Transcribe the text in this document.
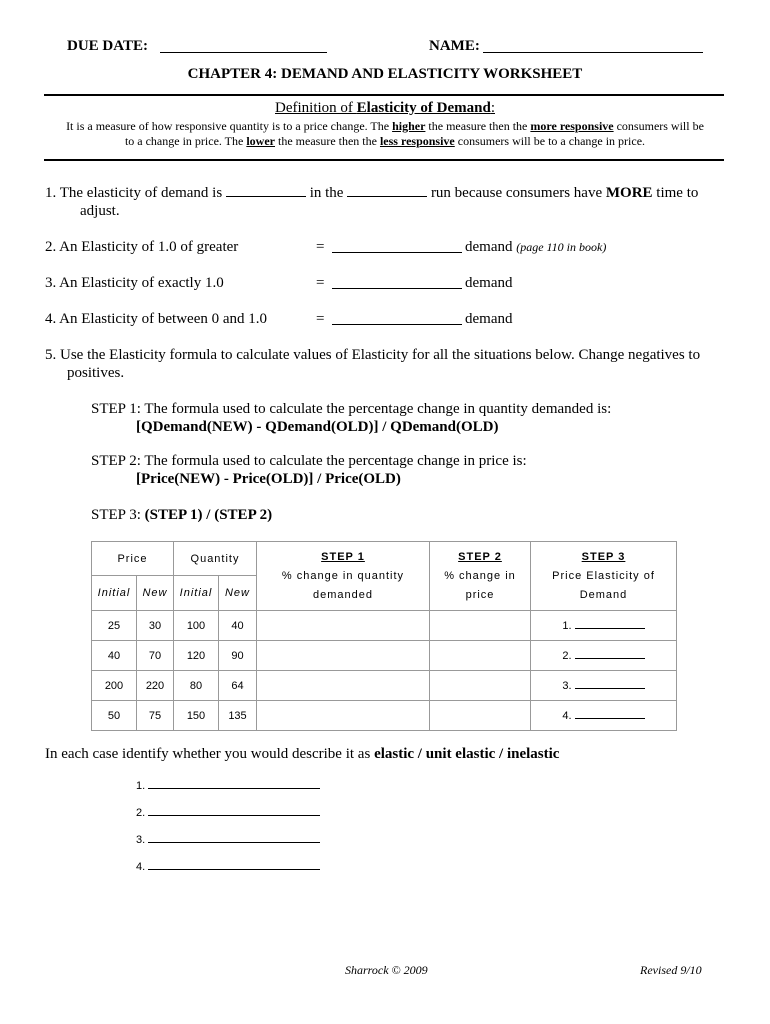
DUE DATE:	NAME:
CHAPTER 4: DEMAND AND ELASTICITY WORKSHEET
Definition of Elasticity of Demand:
It is a measure of how responsive quantity is to a price change. The higher the measure then the more responsive consumers will be
to a change in price. The lower the measure then the less responsive consumers will be to a change in price.
1. The elasticity of demand is	in the	run because consumers have MORE time to
adjust.
2. An Elasticity of 1.0 of greater	=	demand (page 110 in book)
3. An Elasticity of exactly 1.0	=	demand
4. An Elasticity of between 0 and 1.0	=	demand
5. Use the Elasticity formula to calculate values of Elasticity for all the situations below. Change negatives to
positives.
STEP 1: The formula used to calculate the percentage change in quantity demanded is:
[QDemand(NEW) - QDemand(OLD)] / QDemand(OLD)
STEP 2: The formula used to calculate the percentage change in price is:
[Price(NEW) - Price(OLD)] / Price(OLD)
STEP 3: (STEP 1) / (STEP 2)
Price		Quantity		STEP 1
% change in quantity
demanded	STEP 2
% change in
price	STEP 3
Price Elasticity of
Demand
Initial	New	Initial	New			
25	30	100	40			1.
40	70	120	90			2.
200	220	80	64			3.
50	75	150	135			4.
In each case identify whether you would describe it as elastic / unit elastic / inelastic
1.
2.
3.
4.
Sharrock © 2009	Revised 9/10
